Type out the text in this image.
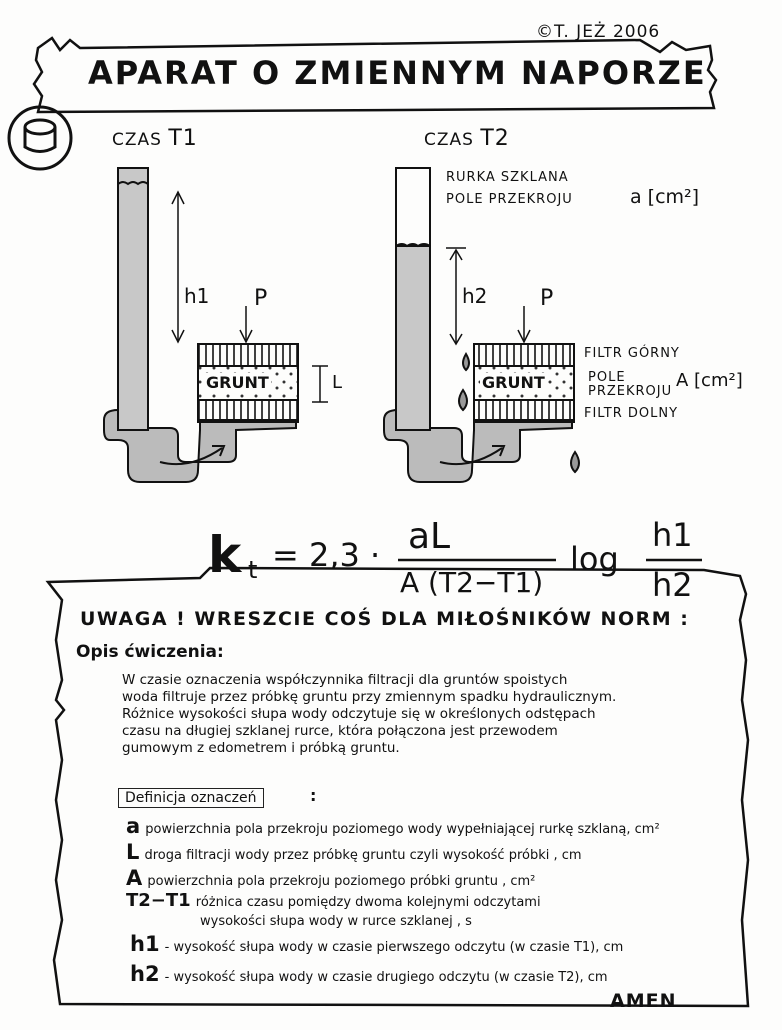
©T. JEŻ 2006
APARAT O ZMIENNYM NAPORZE
CZAS T1	CZAS T2
h1 P
GRUNT	L
h2 P
GRUNT
RURKA SZKLANA
POLE PRZEKROJU	a [cm²]
FILTR GÓRNY
POLE
PRZEKROJU
A [cm²]
FILTR DOLNY
k t = 2,3 · aL
A (T2−T1)
log
h1
h2
UWAGA ! WRESZCIE COŚ DLA MIŁOŚNIKÓW NORM :
Opis ćwiczenia:
W czasie oznaczenia współczynnika filtracji dla gruntów spoistych
woda filtruje przez próbkę gruntu przy zmiennym spadku hydraulicznym.
Różnice wysokości słupa wody odczytuje się w określonych odstępach
czasu na długiej szklanej rurce, która połączona jest przewodem
gumowym z edometrem i próbką gruntu.
Definicja oznaczeń	:
a powierzchnia pola przekroju poziomego wody wypełniającej rurkę szklaną, cm²
L droga filtracji wody przez próbkę gruntu czyli wysokość próbki , cm
A powierzchnia pola przekroju poziomego próbki gruntu , cm²
T2−T1 różnica czasu pomiędzy dwoma kolejnymi odczytami
wysokości słupa wody w rurce szklanej , s
h1 - wysokość słupa wody w czasie pierwszego odczytu (w czasie T1), cm
h2 - wysokość słupa wody w czasie drugiego odczytu (w czasie T2), cm
AMEN
